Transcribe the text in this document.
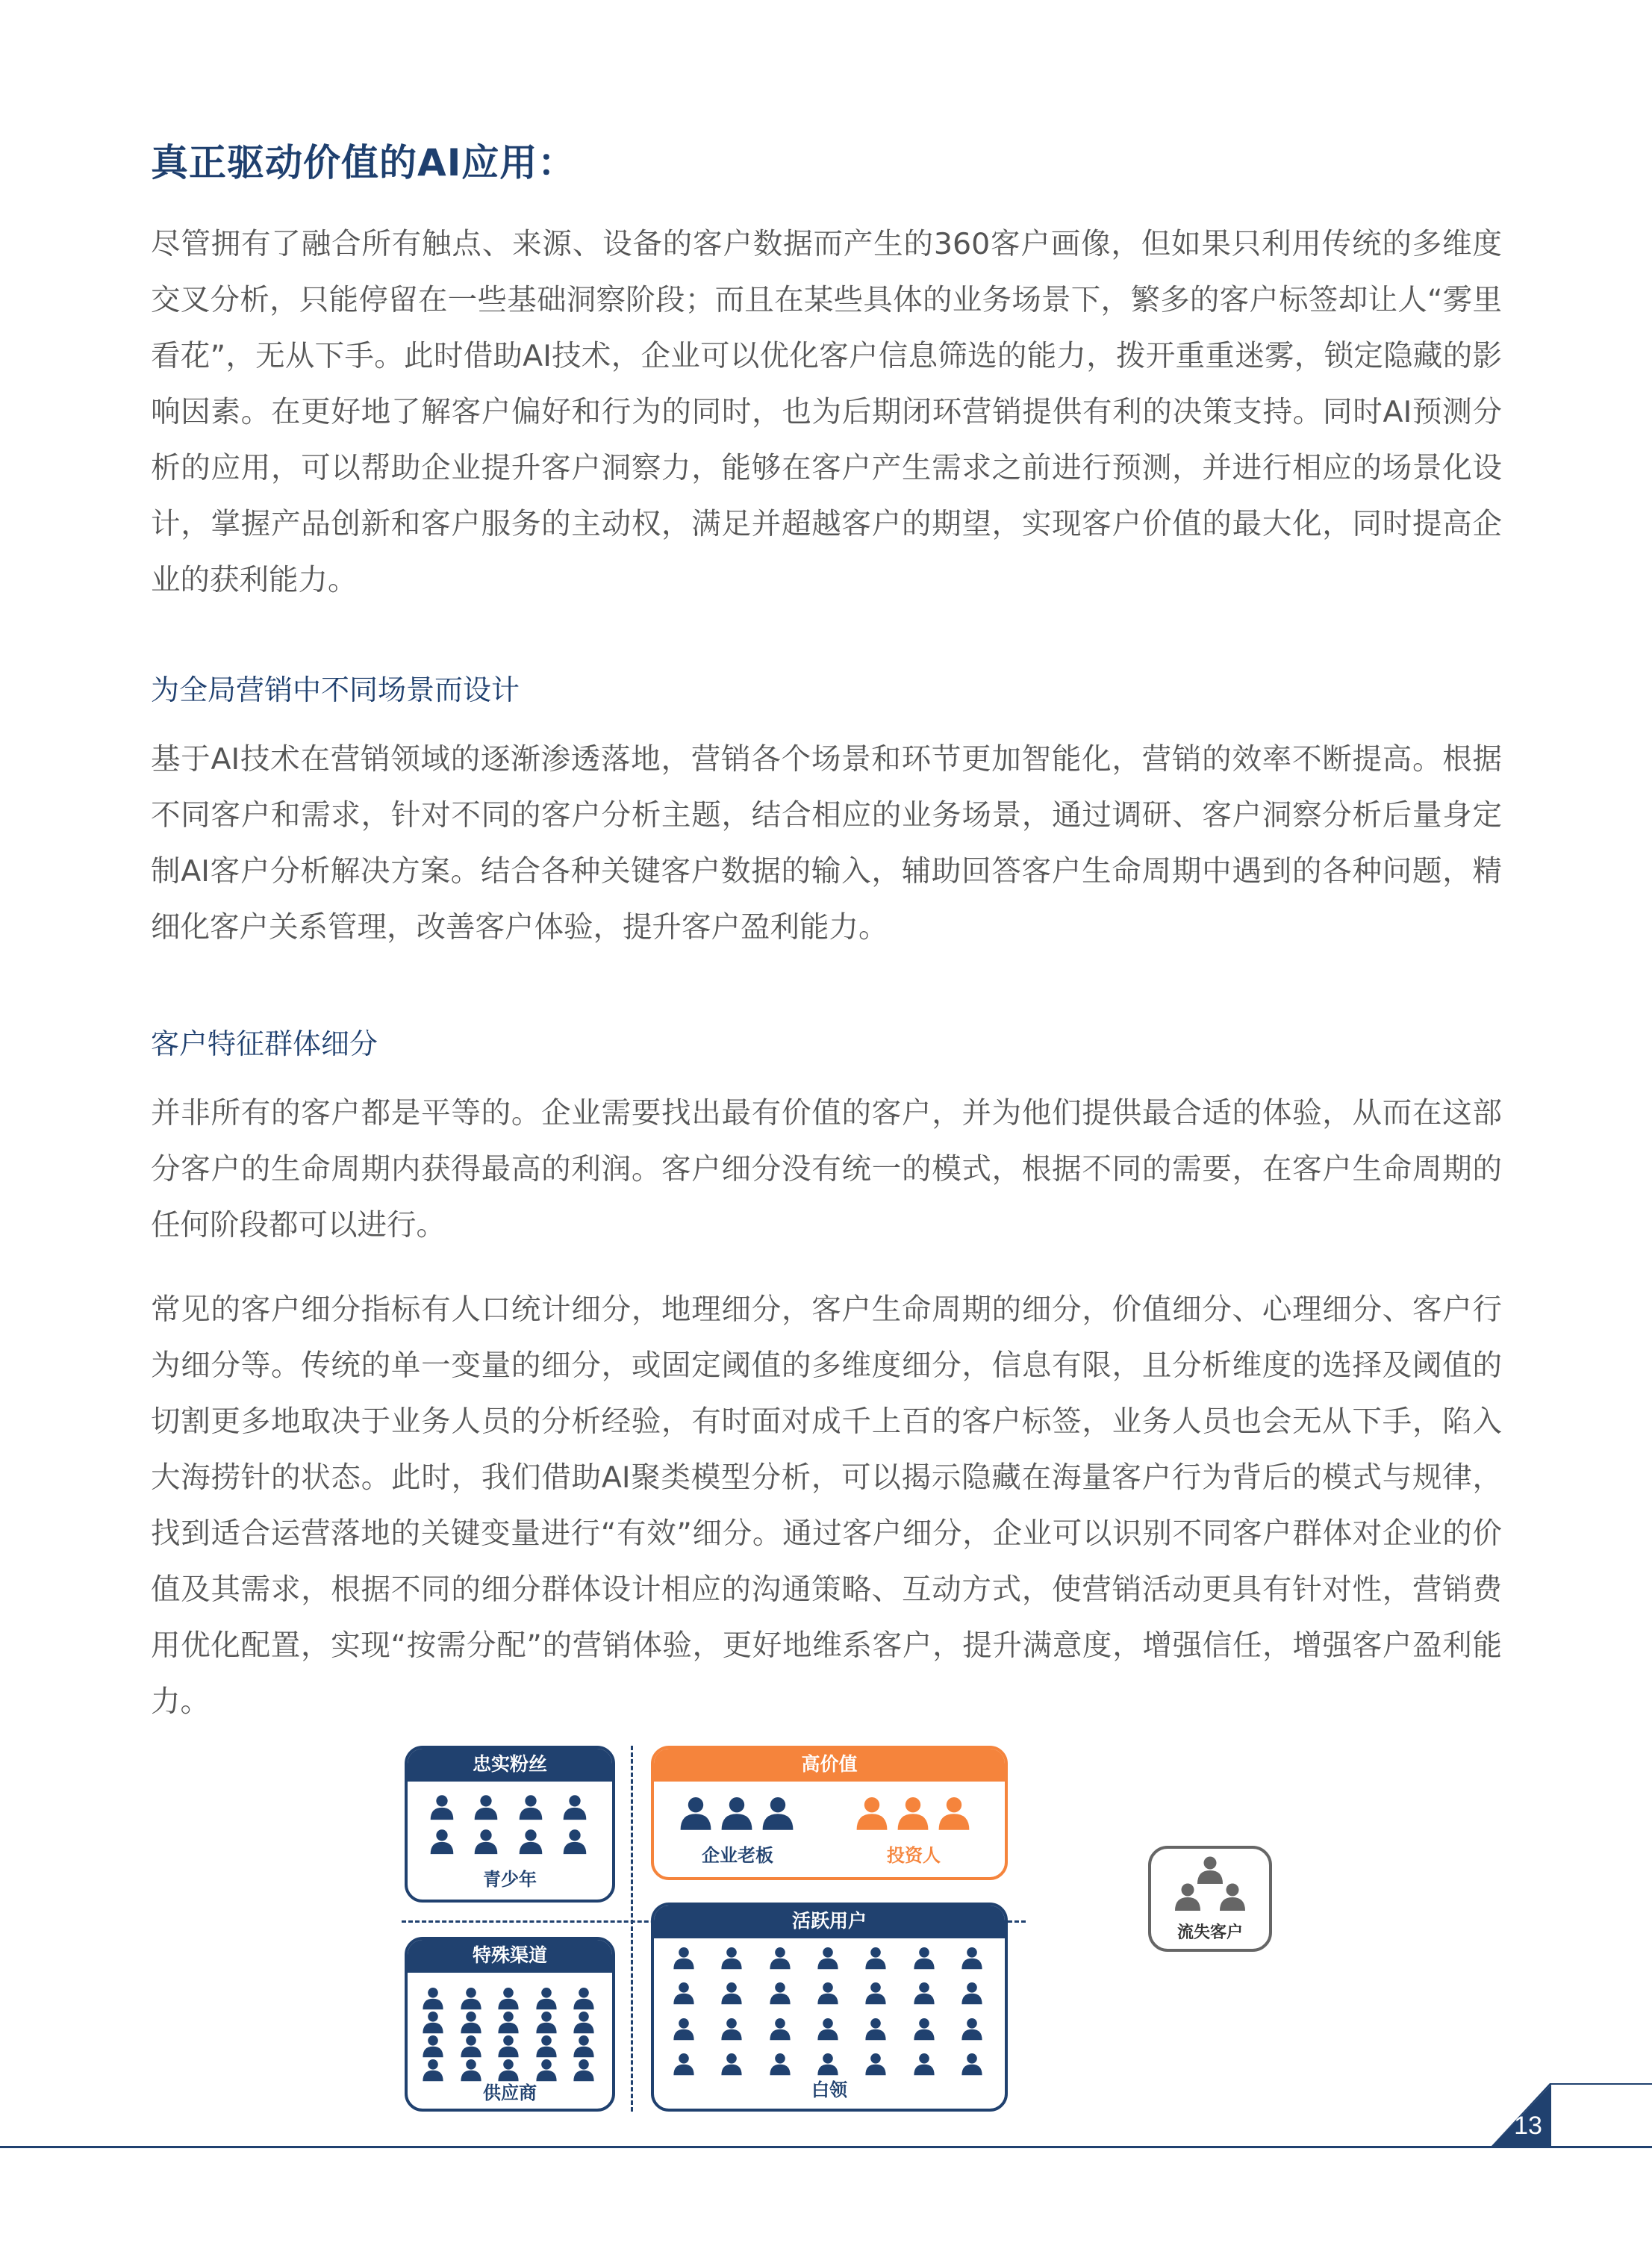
真正驱动价值的AI应用：

尽管拥有了融合所有触点、来源、设备的客户数据而产生的360客户画像，但如果只利用传统的多维度交叉分析，只能停留在一些基础洞察阶段；而且在某些具体的业务场景下，繁多的客户标签却让人“雾里看花”，无从下手。此时借助AI技术，企业可以优化客户信息筛选的能力，拨开重重迷雾，锁定隐藏的影响因素。在更好地了解客户偏好和行为的同时，也为后期闭环营销提供有利的决策支持。同时AI预测分析的应用，可以帮助企业提升客户洞察力，能够在客户产生需求之前进行预测，并进行相应的场景化设计，掌握产品创新和客户服务的主动权，满足并超越客户的期望，实现客户价值的最大化，同时提高企业的获利能力。

为全局营销中不同场景而设计

基于AI技术在营销领域的逐渐渗透落地，营销各个场景和环节更加智能化，营销的效率不断提高。根据不同客户和需求，针对不同的客户分析主题，结合相应的业务场景，通过调研、客户洞察分析后量身定制AI客户分析解决方案。结合各种关键客户数据的输入，辅助回答客户生命周期中遇到的各种问题，精细化客户关系管理，改善客户体验，提升客户盈利能力。

客户特征群体细分

并非所有的客户都是平等的。企业需要找出最有价值的客户，并为他们提供最合适的体验，从而在这部分客户的生命周期内获得最高的利润。客户细分没有统一的模式，根据不同的需要，在客户生命周期的任何阶段都可以进行。

常见的客户细分指标有人口统计细分，地理细分，客户生命周期的细分，价值细分、心理细分、客户行为细分等。传统的单一变量的细分，或固定阈值的多维度细分，信息有限，且分析维度的选择及阈值的切割更多地取决于业务人员的分析经验，有时面对成千上百的客户标签，业务人员也会无从下手，陷入大海捞针的状态。此时，我们借助AI聚类模型分析，可以揭示隐藏在海量客户行为背后的模式与规律，找到适合运营落地的关键变量进行“有效”细分。通过客户细分，企业可以识别不同客户群体对企业的价值及其需求，根据不同的细分群体设计相应的沟通策略、互动方式，使营销活动更具有针对性，营销费用优化配置，实现“按需分配”的营销体验，更好地维系客户，提升满意度，增强信任，增强客户盈利能力。

忠实粉丝
青少年
高价值
企业老板	投资人
特殊渠道
供应商
活跃用户
白领
流失客户
13
